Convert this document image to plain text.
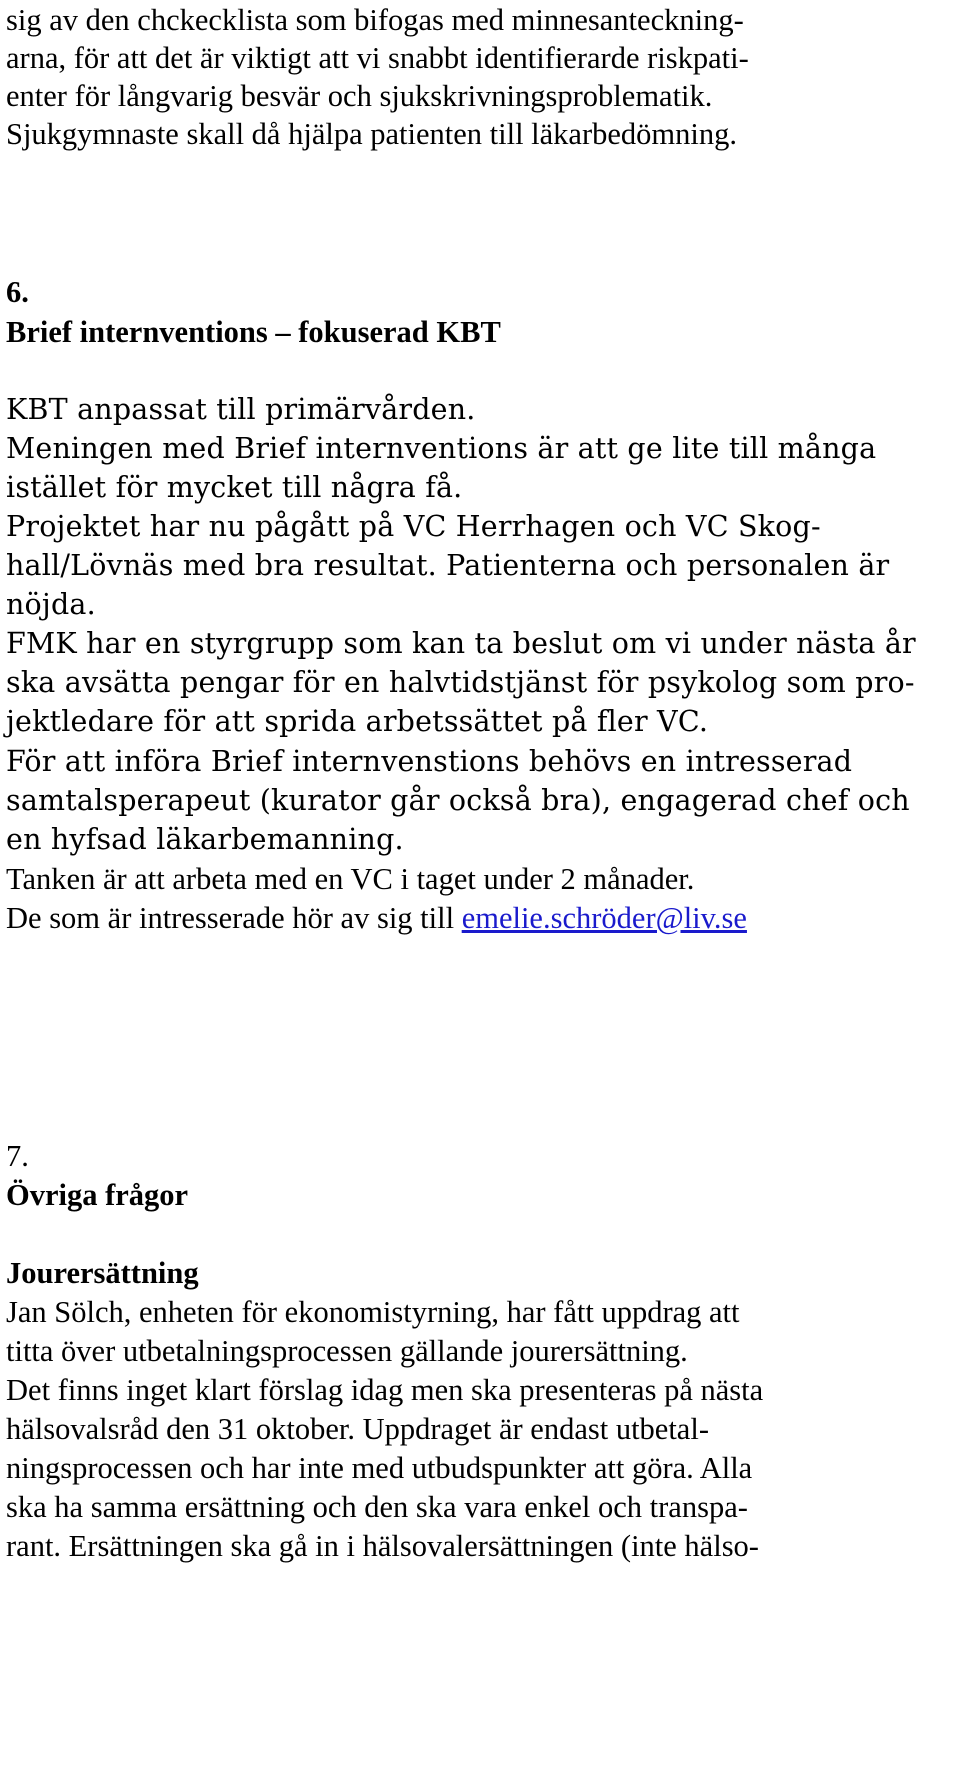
sig av den chckecklista som bifogas med minnesanteckning-
arna, för att det är viktigt att vi snabbt identifierarde riskpati-
enter för långvarig besvär och sjukskrivningsproblematik.
Sjukgymnaste skall då hjälpa patienten till läkarbedömning.
6.
Brief internventions – fokuserad KBT
KBT anpassat till primärvården.
Meningen med Brief internventions är att ge lite till många
istället för mycket till några få.
Projektet har nu pågått på VC Herrhagen och VC Skog-
hall/Lövnäs med bra resultat. Patienterna och personalen är
nöjda.
FMK har en styrgrupp som kan ta beslut om vi under nästa år
ska avsätta pengar för en halvtidstjänst för psykolog som pro-
jektledare för att sprida arbetssättet på fler VC.
För att införa Brief internvenstions behövs en intresserad
samtalsperapeut (kurator går också bra), engagerad chef och
en hyfsad läkarbemanning.
Tanken är att arbeta med en VC i taget under 2 månader.
De som är intresserade hör av sig till emelie.schröder@liv.se
7.
Övriga frågor
Jourersättning
Jan Sölch, enheten för ekonomistyrning, har fått uppdrag att
titta över utbetalningsprocessen gällande jourersättning.
Det finns inget klart förslag idag men ska presenteras på nästa
hälsovalsråd den 31 oktober. Uppdraget är endast utbetal-
ningsprocessen och har inte med utbudspunkter att göra. Alla
ska ha samma ersättning och den ska vara enkel och transpa-
rant. Ersättningen ska gå in i hälsovalersättningen (inte hälso-
